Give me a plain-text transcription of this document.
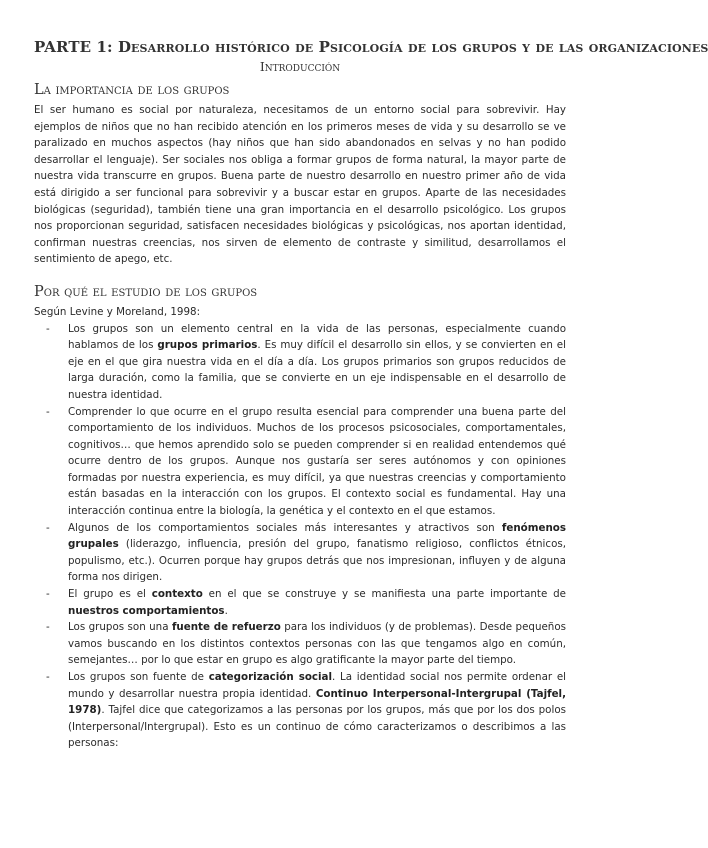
PARTE 1: Desarrollo histórico de Psicología de los grupos y de las organizaciones
Introducción
La importancia de los grupos

El ser humano es social por naturaleza, necesitamos de un entorno social para sobrevivir. Hay ejemplos de niños que no han recibido atención en los primeros meses de vida y su desarrollo se ve paralizado en muchos aspectos (hay niños que han sido abandonados en selvas y no han podido desarrollar el lenguaje). Ser sociales nos obliga a formar grupos de forma natural, la mayor parte de nuestra vida transcurre en grupos. Buena parte de nuestro desarrollo en nuestro primer año de vida está dirigido a ser funcional para sobrevivir y a buscar estar en grupos. Aparte de las necesidades biológicas (seguridad), también tiene una gran importancia en el desarrollo psicológico. Los grupos nos proporcionan seguridad, satisfacen necesidades biológicas y psicológicas, nos aportan identidad, confirman nuestras creencias, nos sirven de elemento de contraste y similitud, desarrollamos el sentimiento de apego, etc.

Por qué el estudio de los grupos

Según Levine y Moreland, 1998:

- Los grupos son un elemento central en la vida de las personas, especialmente cuando hablamos de los grupos primarios. Es muy difícil el desarrollo sin ellos, y se convierten en el eje en el que gira nuestra vida en el día a día. Los grupos primarios son grupos reducidos de larga duración, como la familia, que se convierte en un eje indispensable en el desarrollo de nuestra identidad.
- Comprender lo que ocurre en el grupo resulta esencial para comprender una buena parte del comportamiento de los individuos. Muchos de los procesos psicosociales, comportamentales, cognitivos… que hemos aprendido solo se pueden comprender si en realidad entendemos qué ocurre dentro de los grupos. Aunque nos gustaría ser seres autónomos y con opiniones formadas por nuestra experiencia, es muy difícil, ya que nuestras creencias y comportamiento están basadas en la interacción con los grupos. El contexto social es fundamental. Hay una interacción continua entre la biología, la genética y el contexto en el que estamos.
- Algunos de los comportamientos sociales más interesantes y atractivos son fenómenos grupales (liderazgo, influencia, presión del grupo, fanatismo religioso, conflictos étnicos, populismo, etc.). Ocurren porque hay grupos detrás que nos impresionan, influyen y de alguna forma nos dirigen.
- El grupo es el contexto en el que se construye y se manifiesta una parte importante de nuestros comportamientos.
- Los grupos son una fuente de refuerzo para los individuos (y de problemas). Desde pequeños vamos buscando en los distintos contextos personas con las que tengamos algo en común, semejantes… por lo que estar en grupo es algo gratificante la mayor parte del tiempo.
- Los grupos son fuente de categorización social. La identidad social nos permite ordenar el mundo y desarrollar nuestra propia identidad. Continuo Interpersonal-Intergrupal (Tajfel, 1978). Tajfel dice que categorizamos a las personas por los grupos, más que por los dos polos (Interpersonal/Intergrupal). Esto es un continuo de cómo caracterizamos o describimos a las personas:
